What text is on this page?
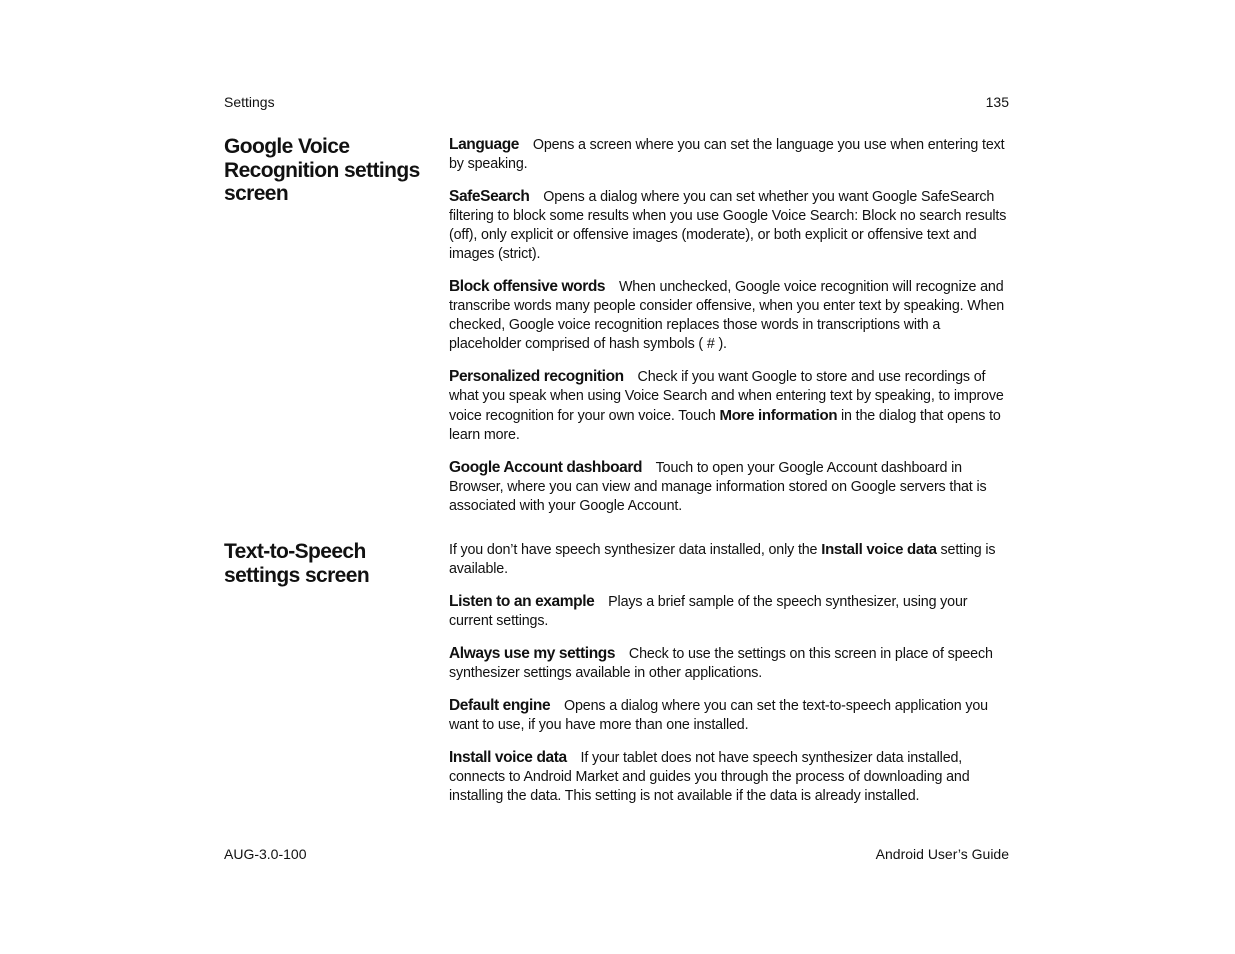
Settings	135
Google Voice Recognition settings screen

Language Opens a screen where you can set the language you use when entering text by speaking.

SafeSearch Opens a dialog where you can set whether you want Google SafeSearch filtering to block some results when you use Google Voice Search: Block no search results (off), only explicit or offensive images (moderate), or both explicit or offensive text and images (strict).

Block offensive words When unchecked, Google voice recognition will recognize and transcribe words many people consider offensive, when you enter text by speaking. When checked, Google voice recognition replaces those words in transcriptions with a placeholder comprised of hash symbols ( # ).

Personalized recognition Check if you want Google to store and use recordings of what you speak when using Voice Search and when entering text by speaking, to improve voice recognition for your own voice. Touch More information in the dialog that opens to learn more.

Google Account dashboard Touch to open your Google Account dashboard in Browser, where you can view and manage information stored on Google servers that is associated with your Google Account.

Text-to-Speech settings screen

If you don’t have speech synthesizer data installed, only the Install voice data setting is available.

Listen to an example Plays a brief sample of the speech synthesizer, using your current settings.

Always use my settings Check to use the settings on this screen in place of speech synthesizer settings available in other applications.

Default engine Opens a dialog where you can set the text-to-speech application you want to use, if you have more than one installed.

Install voice data If your tablet does not have speech synthesizer data installed, connects to Android Market and guides you through the process of downloading and installing the data. This setting is not available if the data is already installed.

AUG-3.0-100	Android User’s Guide
